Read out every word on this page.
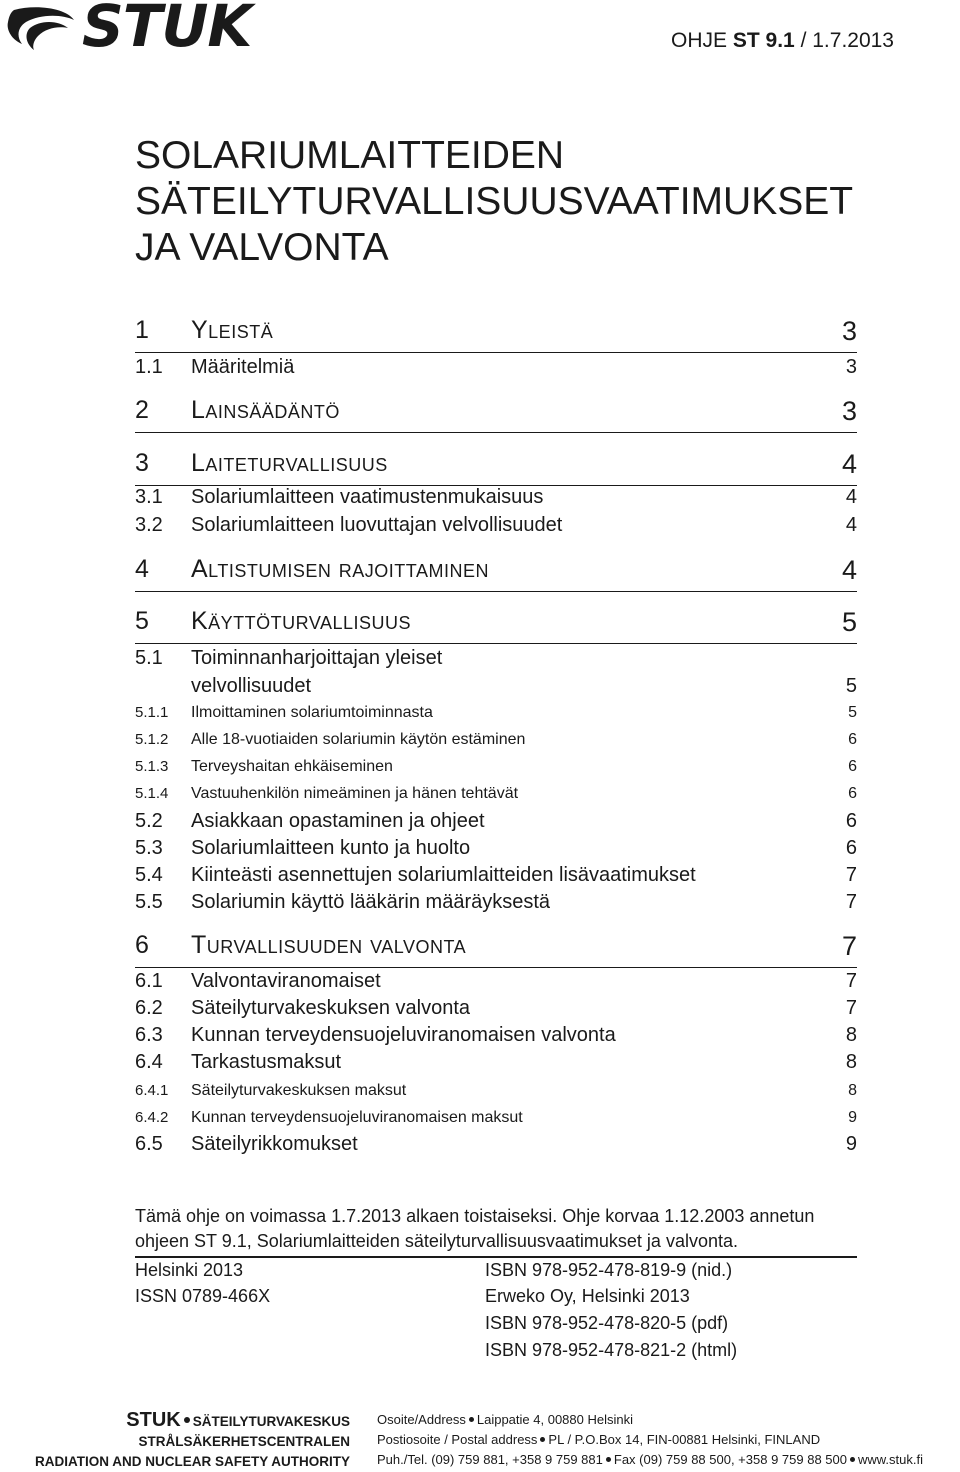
STUK	OHJE ST 9.1 / 1.7.2013
SOLARIUMLAITTEIDEN
SÄTEILYTURVALLISUUSVAATIMUKSET
JA VALVONTA
1 Yleistä	3
1.1 Määritelmiä	3
2 Lainsäädäntö	3
3 Laiteturvallisuus	4
3.1 Solariumlaitteen vaatimustenmukaisuus	4
3.2 Solariumlaitteen luovuttajan velvollisuudet	4
4 Altistumisen rajoittaminen	4
5 Käyttöturvallisuus	5
5.1 Toiminnanharjoittajan yleiset
velvollisuudet	5
5.1.1 Ilmoittaminen solariumtoiminnasta	5
5.1.2 Alle 18-vuotiaiden solariumin käytön estäminen	6
5.1.3 Terveyshaitan ehkäiseminen	6
5.1.4 Vastuuhenkilön nimeäminen ja hänen tehtävät	6
5.2 Asiakkaan opastaminen ja ohjeet	6
5.3 Solariumlaitteen kunto ja huolto	6
5.4 Kiinteästi asennettujen solariumlaitteiden lisävaatimukset	7
5.5 Solariumin käyttö lääkärin määräyksestä	7
6 Turvallisuuden valvonta	7
6.1 Valvontaviranomaiset	7
6.2 Säteilyturvakeskuksen valvonta	7
6.3 Kunnan terveydensuojeluviranomaisen valvonta	8
6.4 Tarkastusmaksut	8
6.4.1 Säteilyturvakeskuksen maksut	8
6.4.2 Kunnan terveydensuojeluviranomaisen maksut	9
6.5 Säteilyrikkomukset	9
Tämä ohje on voimassa 1.7.2013 alkaen toistaiseksi. Ohje korvaa 1.12.2003 annetun
ohjeen ST 9.1, Solariumlaitteiden säteilyturvallisuusvaatimukset ja valvonta.
Helsinki 2013
ISSN 0789-466X
ISBN 978-952-478-819-9 (nid.)
Erweko Oy, Helsinki 2013
ISBN 978-952-478-820-5 (pdf)
ISBN 978-952-478-821-2 (html)
STUK SÄTEILYTURVAKESKUS
STRÅLSÄKERHETSCENTRALEN
RADIATION AND NUCLEAR SAFETY AUTHORITY
Osoite/Address Laippatie 4, 00880 Helsinki
Postiosoite / Postal address PL / P.O.Box 14, FIN-00881 Helsinki, FINLAND
Puh./Tel. (09) 759 881, +358 9 759 881 Fax (09) 759 88 500, +358 9 759 88 500 www.stuk.fi
